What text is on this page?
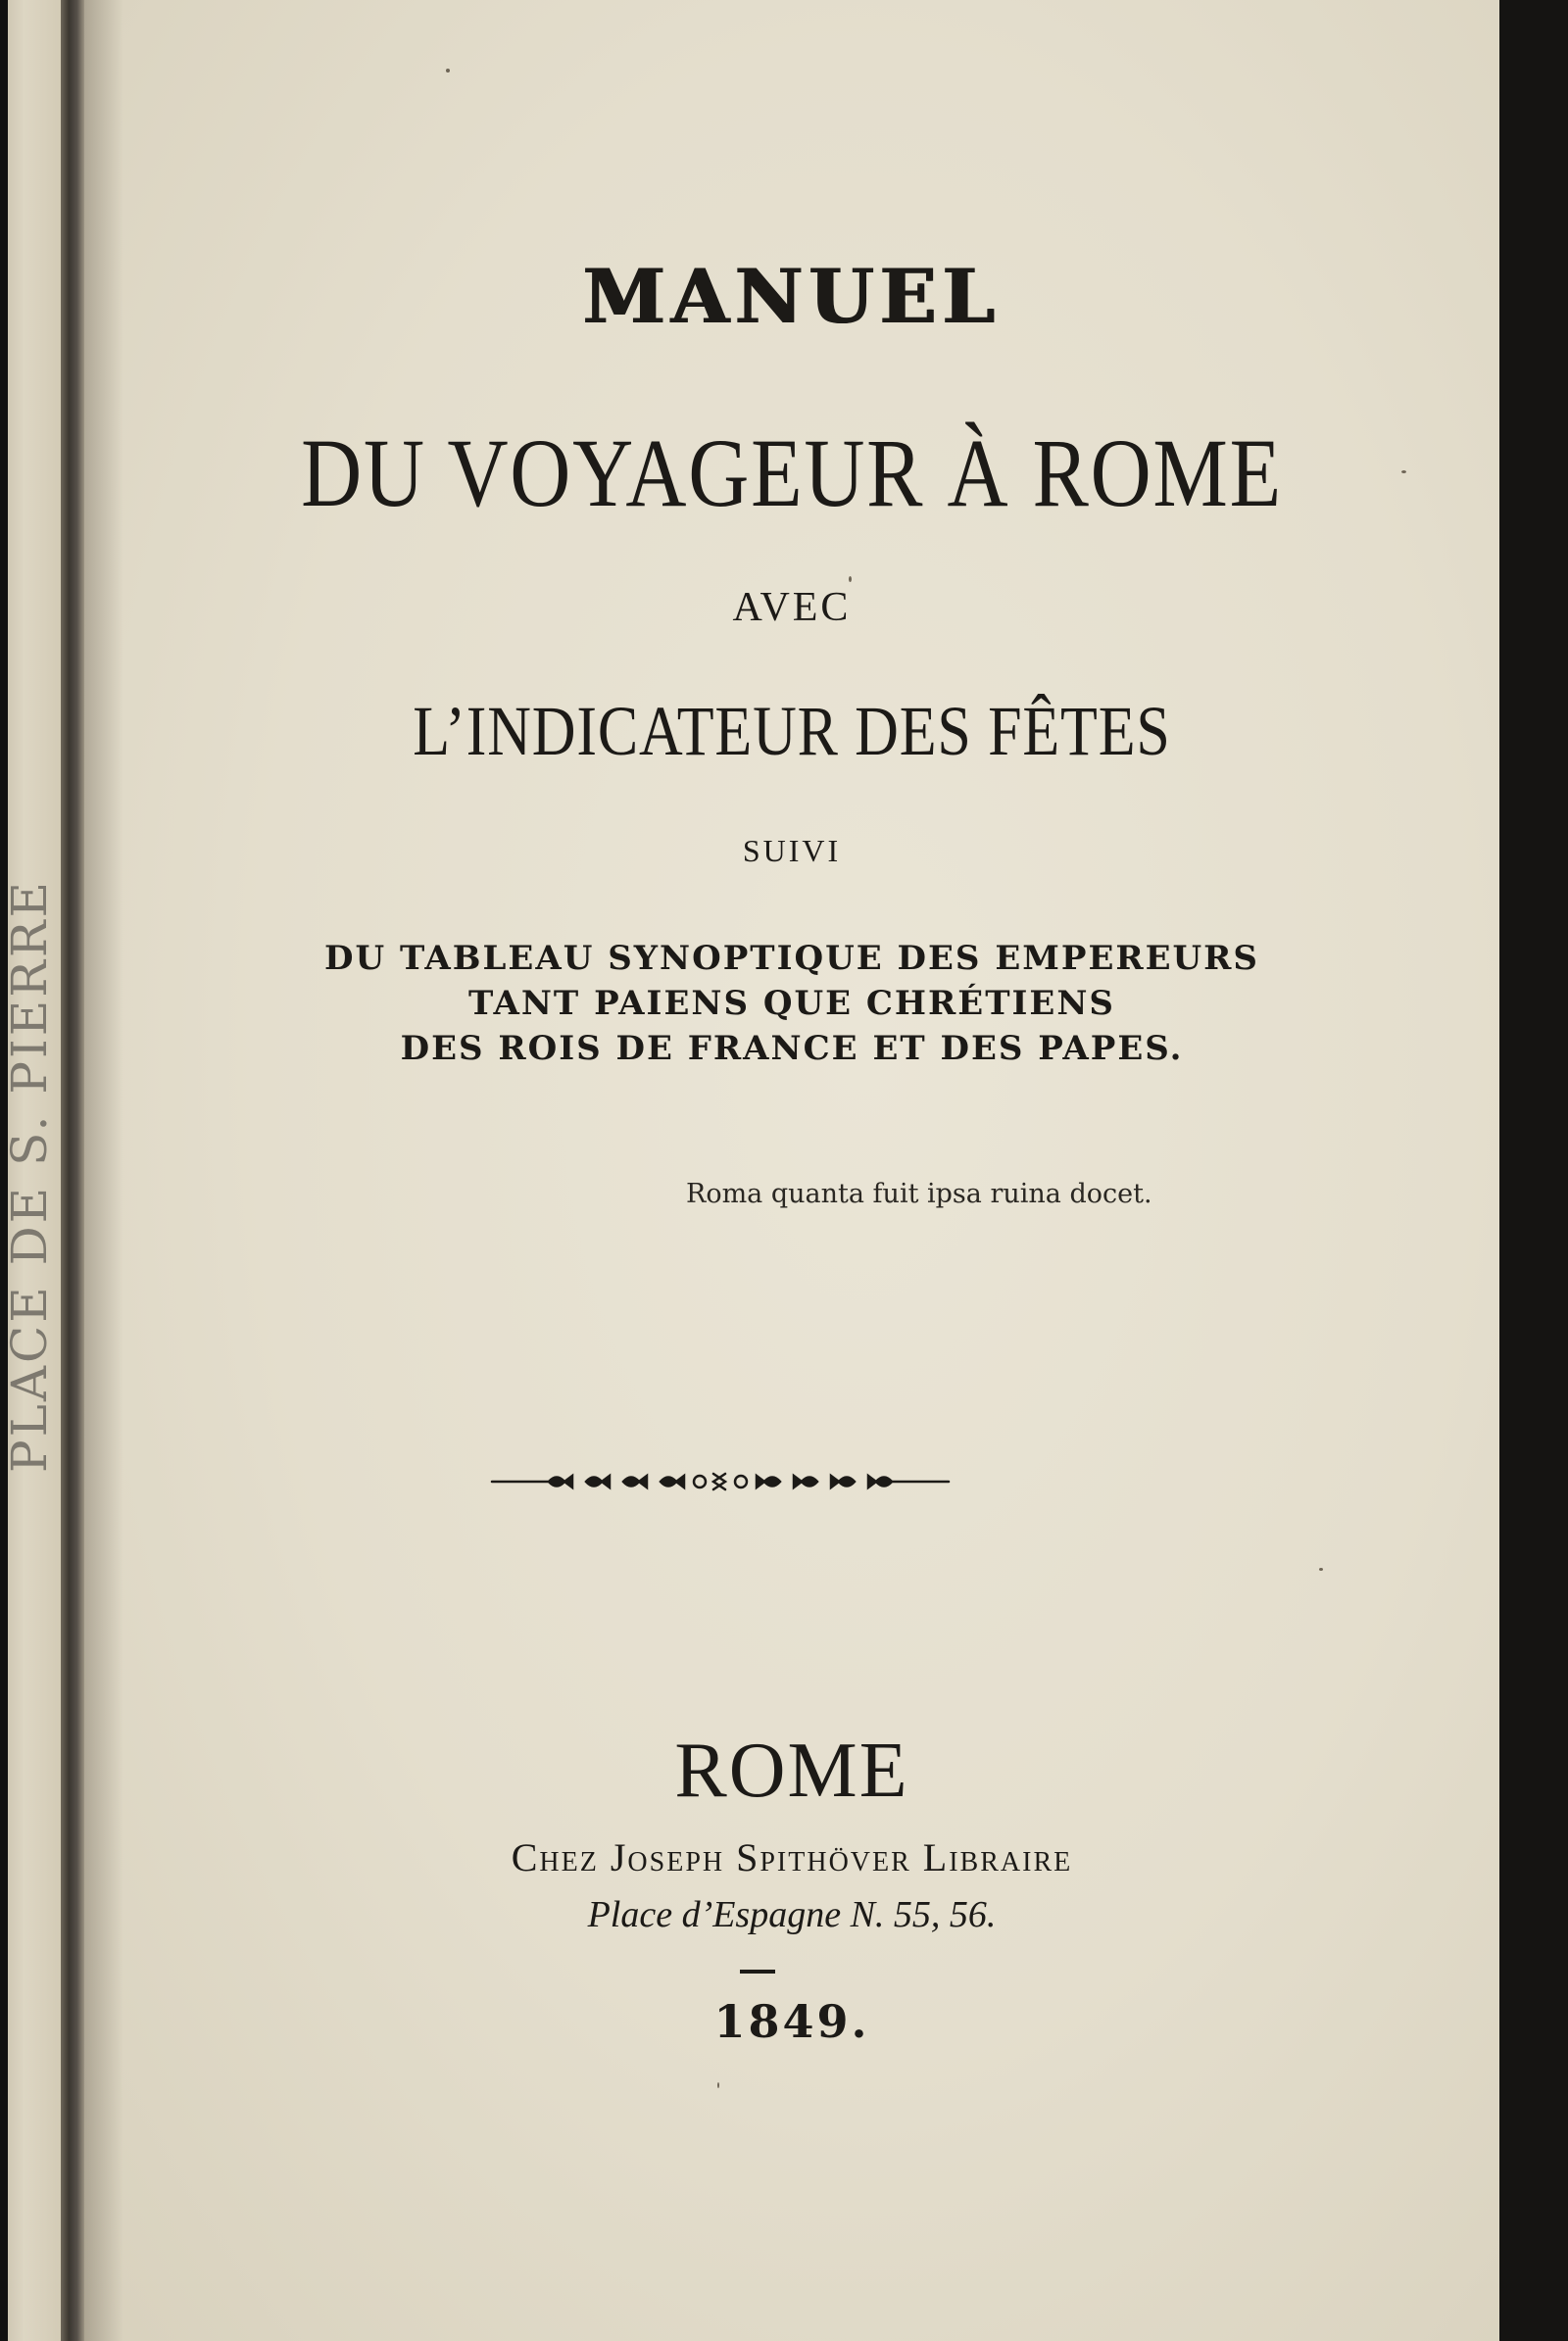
PLACE DE S. PIERRE
MANUEL
DU VOYAGEUR À ROME
AVEC
L’INDICATEUR DES FÊTES
SUIVI
DU TABLEAU SYNOPTIQUE DES EMPEREURS
TANT PAIENS QUE CHRÉTIENS
DES ROIS DE FRANCE ET DES PAPES.
Roma quanta fuit ipsa ruina docet.
ROME
Chez Joseph Spithöver Libraire
Place d’Espagne N. 55, 56.
1849.
